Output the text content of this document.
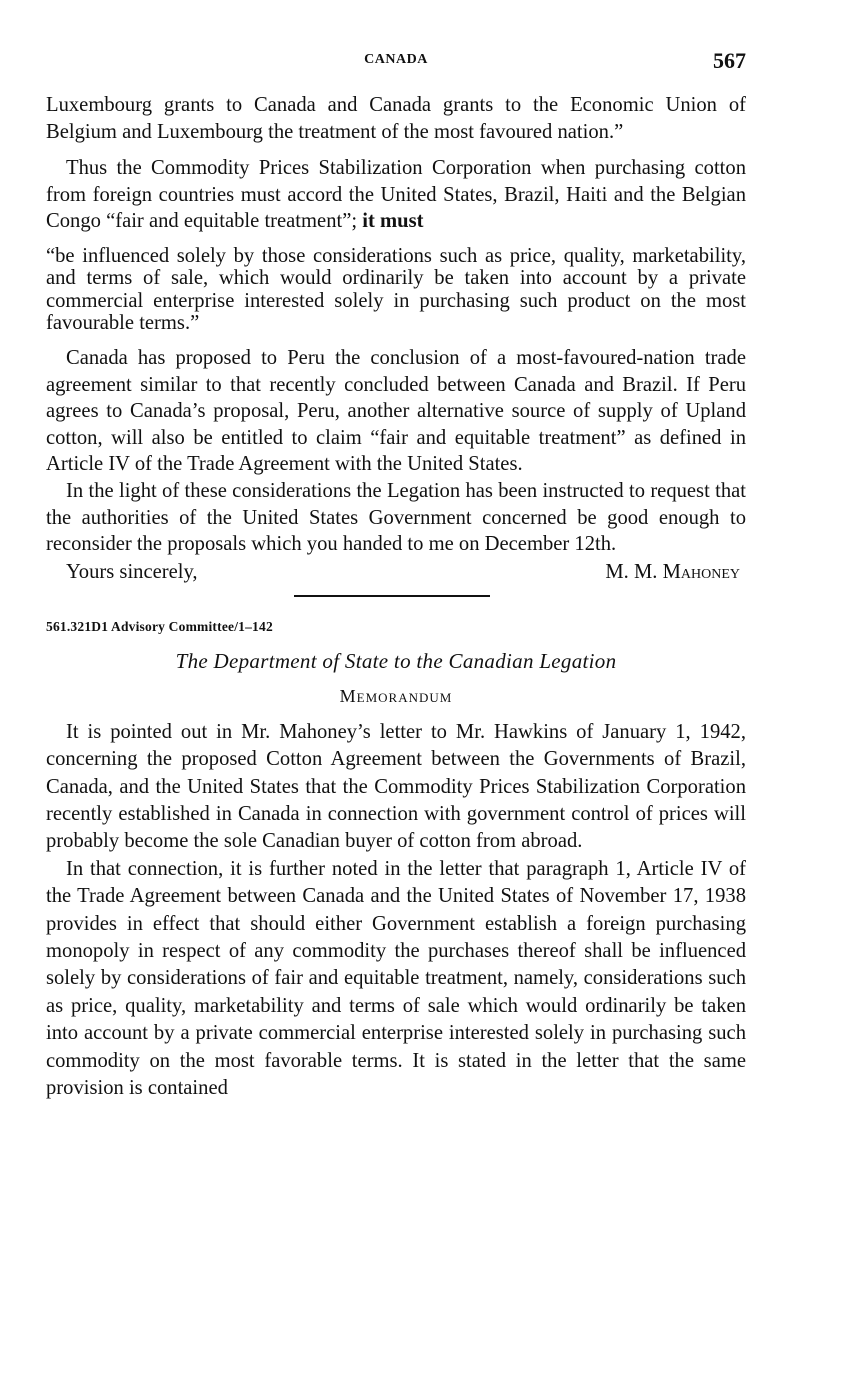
CANADA	567

Luxembourg grants to Canada and Canada grants to the Economic Union of Belgium and Luxembourg the treatment of the most favoured nation.”

Thus the Commodity Prices Stabilization Corporation when purchasing cotton from foreign countries must accord the United States, Brazil, Haiti and the Belgian Congo “fair and equitable treatment”; it must

“be influenced solely by those considerations such as price, quality, marketability, and terms of sale, which would ordinarily be taken into account by a private commercial enterprise interested solely in purchasing such product on the most favourable terms.”

Canada has proposed to Peru the conclusion of a most-favoured-nation trade agreement similar to that recently concluded between Canada and Brazil. If Peru agrees to Canada’s proposal, Peru, another alternative source of supply of Upland cotton, will also be entitled to claim “fair and equitable treatment” as defined in Article IV of the Trade Agreement with the United States.

In the light of these considerations the Legation has been instructed to request that the authorities of the United States Government concerned be good enough to reconsider the proposals which you handed to me on December 12th.

Yours sincerely,	M. M. Mahoney
561.321D1 Advisory Committee/1–142
The Department of State to the Canadian Legation
Memorandum

It is pointed out in Mr. Mahoney’s letter to Mr. Hawkins of January 1, 1942, concerning the proposed Cotton Agreement between the Governments of Brazil, Canada, and the United States that the Commodity Prices Stabilization Corporation recently established in Canada in connection with government control of prices will probably become the sole Canadian buyer of cotton from abroad.

In that connection, it is further noted in the letter that paragraph 1, Article IV of the Trade Agreement between Canada and the United States of November 17, 1938 provides in effect that should either Government establish a foreign purchasing monopoly in respect of any commodity the purchases thereof shall be influenced solely by considerations of fair and equitable treatment, namely, considerations such as price, quality, marketability and terms of sale which would ordinarily be taken into account by a private commercial enterprise interested solely in purchasing such commodity on the most favorable terms. It is stated in the letter that the same provision is contained
